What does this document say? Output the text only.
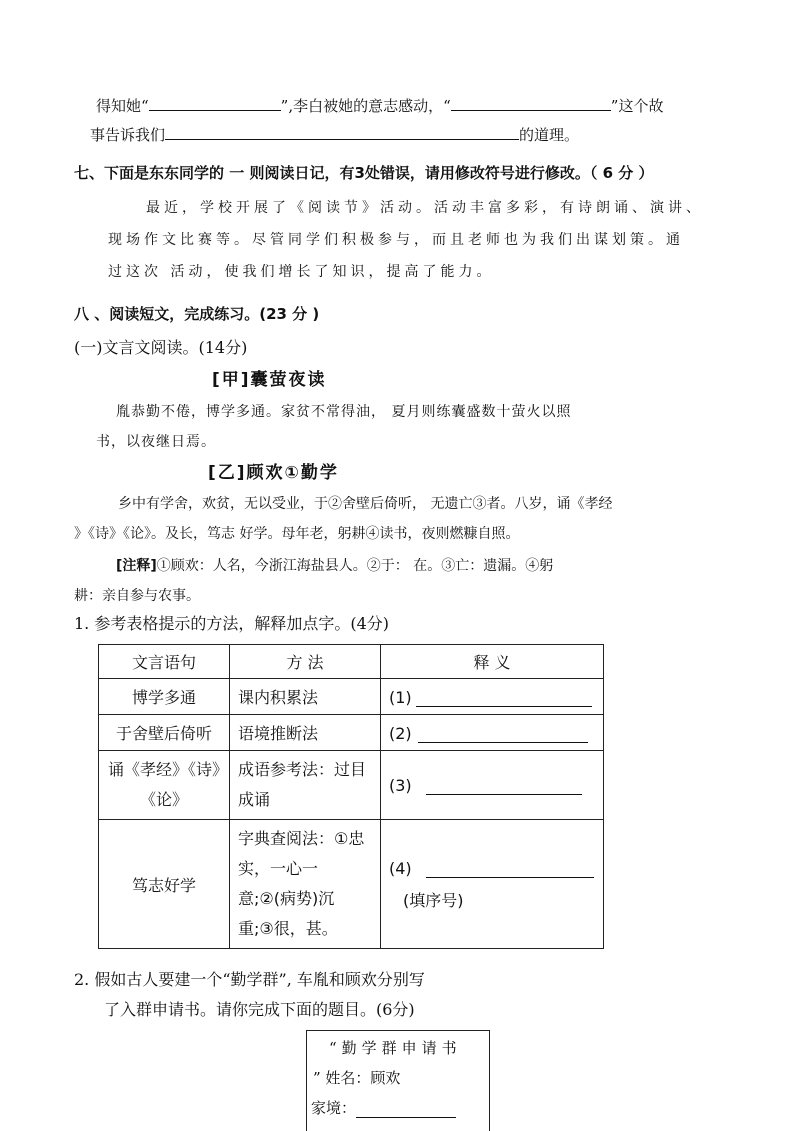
得知她“	”,李白被她的意志感动，“	”这个故
事告诉我们	的道理。
七、下面是东东同学的 一 则阅读日记，有3处错误，请用修改符号进行修改。（ 6 分 ）
最近，学校开展了《阅读节》活动。活动丰富多彩，有诗朗诵、演讲、
现场作文比赛等。尽管同学们积极参与，而且老师也为我们出谋划策。通
过这次 活动，使我们增长了知识，提高了能力。
八 、阅读短文，完成练习。(23 分 )
(一)文言文阅读。(14分)
[甲]囊萤夜读
胤恭勤不倦，博学多通。家贫不常得油， 夏月则练囊盛数十萤火以照
书，以夜继日焉。
[乙]顾欢①勤学
乡中有学舍，欢贫，无以受业，于②舍壁后倚听， 无遗亡③者。八岁，诵《孝经
》《诗》《论》。及长，笃志 好学。母年老，躬耕④读书，夜则燃糠自照。
[注释]①顾欢：人名，今浙江海盐县人。②于： 在。③亡：遗漏。④躬
耕：亲自参与农事。
1. 参考表格提示的方法，解释加点字。(4分)
文言语句	方 法	释 义
博学多通	课内积累法	(1)
于舍壁后倚听	语境推断法	(2)
诵《孝经》《诗》《论》	成语参考法：过目成诵	(3)
笃志好学	字典查阅法：①忠实，一心一 意;②(病势)沉 重;③很，甚。	(4)
(填序号)
2. 假如古人要建一个“勤学群”, 车胤和顾欢分别写
了入群申请书。请你完成下面的题目。(6分)
“勤学群申请书
” 姓名：顾欢
家境：
